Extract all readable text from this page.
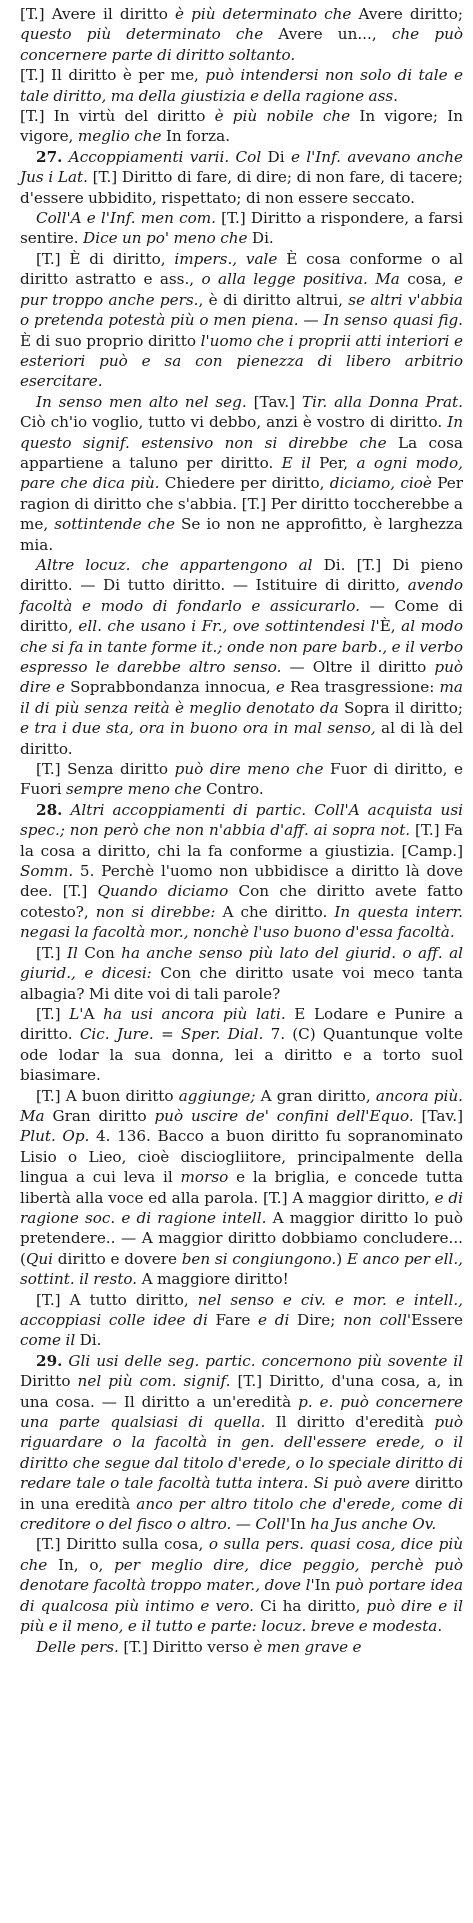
[T.] Avere il diritto è più determinato che Avere diritto; questo più determinato che Avere un..., che può concernere parte di diritto soltanto.

[T.] Il diritto è per me, può intendersi non solo di tale e tale diritto, ma della giustizia e della ragione ass.

[T.] In virtù del diritto è più nobile che In vigore; In vigore, meglio che In forza.

27. Accoppiamenti varii. Col Di e l'Inf. avevano anche Jus i Lat. [T.] Diritto di fare, di dire; di non fare, di tacere; d'essere ubbidito, rispettato; di non essere seccato.

Coll'A e l'Inf. men com. [T.] Diritto a rispondere, a farsi sentire. Dice un po' meno che Di.

[T.] È di diritto, impers., vale È cosa conforme o al diritto astratto e ass., o alla legge positiva. Ma cosa, e pur troppo anche pers., è di diritto altrui, se altri v'abbia o pretenda potestà più o men piena. — In senso quasi fig. È di suo proprio diritto l'uomo che i proprii atti interiori e esteriori può e sa con pienezza di libero arbitrio esercitare.

In senso men alto nel seg. [Tav.] Tir. alla Donna Prat. Ciò ch'io voglio, tutto vi debbo, anzi è vostro di diritto. In questo signif. estensivo non si direbbe che La cosa appartiene a taluno per diritto. E il Per, a ogni modo, pare che dica più. Chiedere per diritto, diciamo, cioè Per ragion di diritto che s'abbia. [T.] Per diritto toccherebbe a me, sottintende che Se io non ne approfitto, è larghezza mia.

Altre locuz. che appartengono al Di. [T.] Di pieno diritto. — Di tutto diritto. — Istituire di diritto, avendo facoltà e modo di fondarlo e assicurarlo. — Come di diritto, ell. che usano i Fr., ove sottintendesi l'È, al modo che si fa in tante forme it.; onde non pare barb., e il verbo espresso le darebbe altro senso. — Oltre il diritto può dire e Soprabbondanza innocua, e Rea trasgressione: ma il di più senza reità è meglio denotato da Sopra il diritto; e tra i due sta, ora in buono ora in mal senso, al di là del diritto.

[T.] Senza diritto può dire meno che Fuor di diritto, e Fuori sempre meno che Contro.

28. Altri accoppiamenti di partic. Coll'A acquista usi spec.; non però che non n'abbia d'aff. ai sopra not. [T.] Fa la cosa a diritto, chi la fa conforme a giustizia. [Camp.] Somm. 5. Perchè l'uomo non ubbidisce a diritto là dove dee. [T.] Quando diciamo Con che diritto avete fatto cotesto?, non si direbbe: A che diritto. In questa interr. negasi la facoltà mor., nonchè l'uso buono d'essa facoltà.

[T.] Il Con ha anche senso più lato del giurid. o aff. al giurid., e dicesi: Con che diritto usate voi meco tanta albagia? Mi dite voi di tali parole?

[T.] L'A ha usi ancora più lati. E Lodare e Punire a diritto. Cic. Jure. = Sper. Dial. 7. (C) Quantunque volte ode lodar la sua donna, lei a diritto e a torto suol biasimare.

[T.] A buon diritto aggiunge; A gran diritto, ancora più. Ma Gran diritto può uscire de' confini dell'Equo. [Tav.] Plut. Op. 4. 136. Bacco a buon diritto fu sopranominato Lisio o Lieo, cioè disciogliitore, principalmente della lingua a cui leva il morso e la briglia, e concede tutta libertà alla voce ed alla parola. [T.] A maggior diritto, e di ragione soc. e di ragione intell. A maggior diritto lo può pretendere.. — A maggior diritto dobbiamo concludere... (Qui diritto e dovere ben si congiungono.) E anco per ell., sottint. il resto. A maggiore diritto!

[T.] A tutto diritto, nel senso e civ. e mor. e intell., accoppiasi colle idee di Fare e di Dire; non coll'Essere come il Di.

29. Gli usi delle seg. partic. concernono più sovente il Diritto nel più com. signif. [T.] Diritto, d'una cosa, a, in una cosa. — Il diritto a un'eredità p. e. può concernere una parte qualsiasi di quella. Il diritto d'eredità può riguardare o la facoltà in gen. dell'essere erede, o il diritto che segue dal titolo d'erede, o lo speciale diritto di redare tale o tale facoltà tutta intera. Si può avere diritto in una eredità anco per altro titolo che d'erede, come di creditore o del fisco o altro. — Coll'In ha Jus anche Ov.

[T.] Diritto sulla cosa, o sulla pers. quasi cosa, dice più che In, o, per meglio dire, dice peggio, perchè può denotare facoltà troppo mater., dove l'In può portare idea di qualcosa più intimo e vero. Ci ha diritto, può dire e il più e il meno, e il tutto e parte: locuz. breve e modesta.

Delle pers. [T.] Diritto verso è men grave e
